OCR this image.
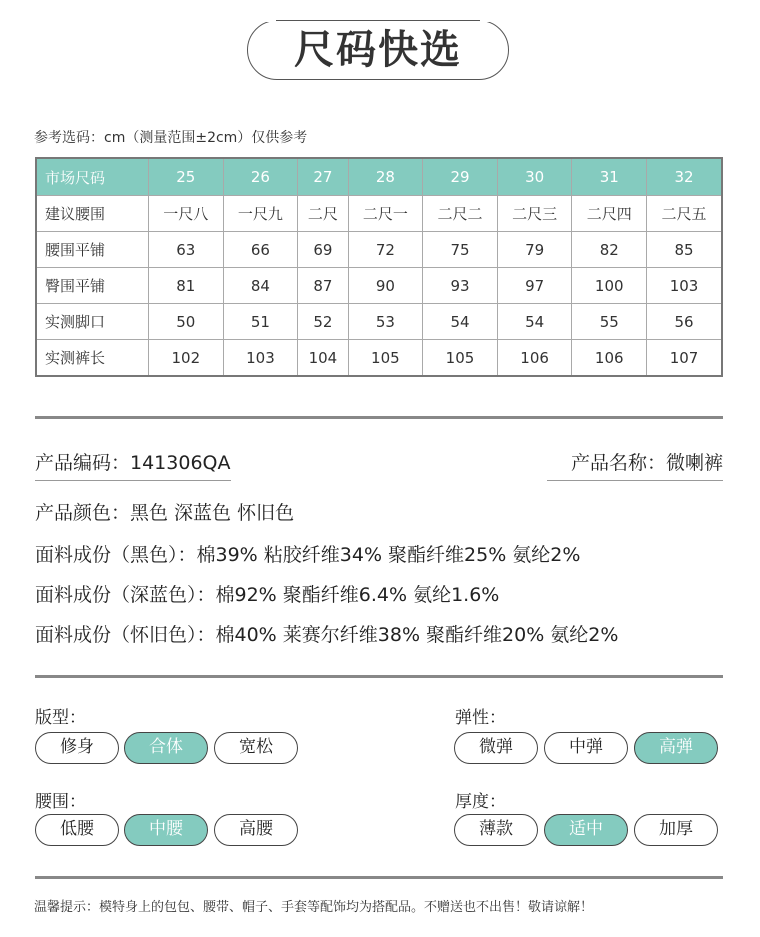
尺码快选
参考选码：cm（测量范围±2cm）仅供参考
市场尺码	25	26	27	28	29	30	31	32
建议腰围	一尺八	一尺九	二尺	二尺一	二尺二	二尺三	二尺四	二尺五
腰围平铺	63	66	69	72	75	79	82	85
臀围平铺	81	84	87	90	93	97	100	103
实测脚口	50	51	52	53	54	54	55	56
实测裤长	102	103	104	105	105	106	106	107
产品编码：141306QA	产品名称：微喇裤
产品颜色：黑色 深蓝色 怀旧色
面料成份（黑色）：棉39% 粘胶纤维34% 聚酯纤维25% 氨纶2%
面料成份（深蓝色）：棉92% 聚酯纤维6.4% 氨纶1.6%
面料成份（怀旧色）：棉40% 莱赛尔纤维38% 聚酯纤维20% 氨纶2%
版型：
修身	合体	宽松
弹性：
微弹	中弹	高弹
腰围：
低腰	中腰	高腰
厚度：
薄款	适中	加厚
温馨提示：模特身上的包包、腰带、帽子、手套等配饰均为搭配品。不赠送也不出售！敬请谅解！
